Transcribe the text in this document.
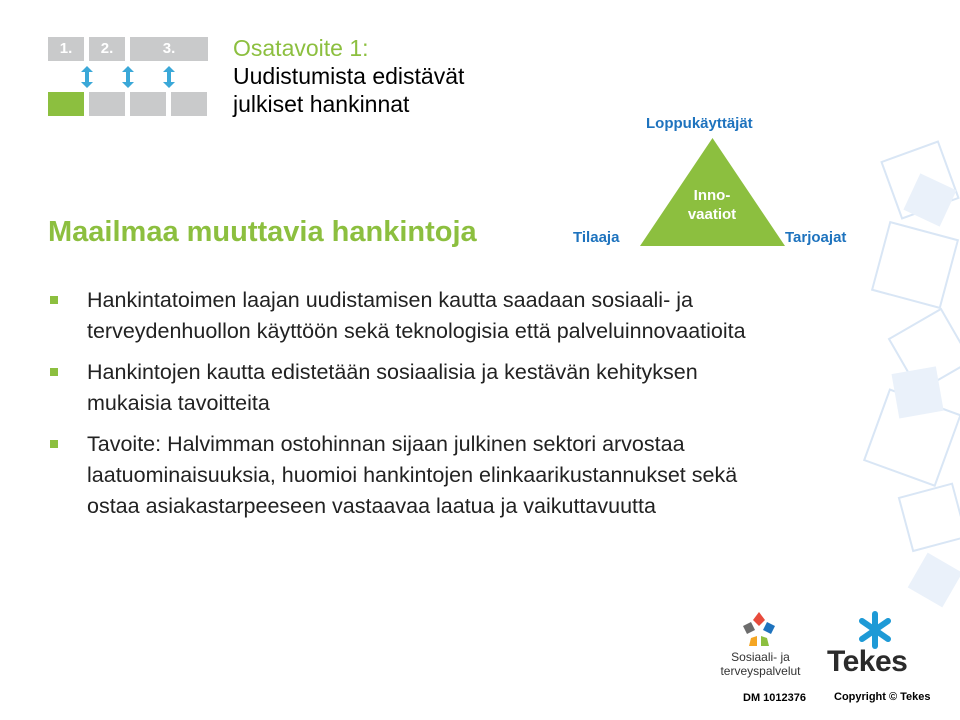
1.	2.	3.	Osatavoite 1:
Uudistumista edistävät
julkiset hankinnat
Maailmaa muuttavia hankintoja
Loppukäyttäjät
Inno-
vaatiot
Tilaaja	Tarjoajat
Hankintatoimen laajan uudistamisen kautta saadaan sosiaali- ja terveydenhuollon käyttöön sekä teknologisia että palveluinnovaatioita
Hankintojen kautta edistetään sosiaalisia ja kestävän kehityksen mukaisia tavoitteita
Tavoite: Halvimman ostohinnan sijaan julkinen sektori arvostaa laatuominaisuuksia, huomioi hankintojen elinkaarikustannukset sekä ostaa asiakastarpeeseen vastaavaa laatua ja vaikuttavuutta
Sosiaali- ja
terveyspalvelut Tekes
DM 1012376	Copyright © Tekes
